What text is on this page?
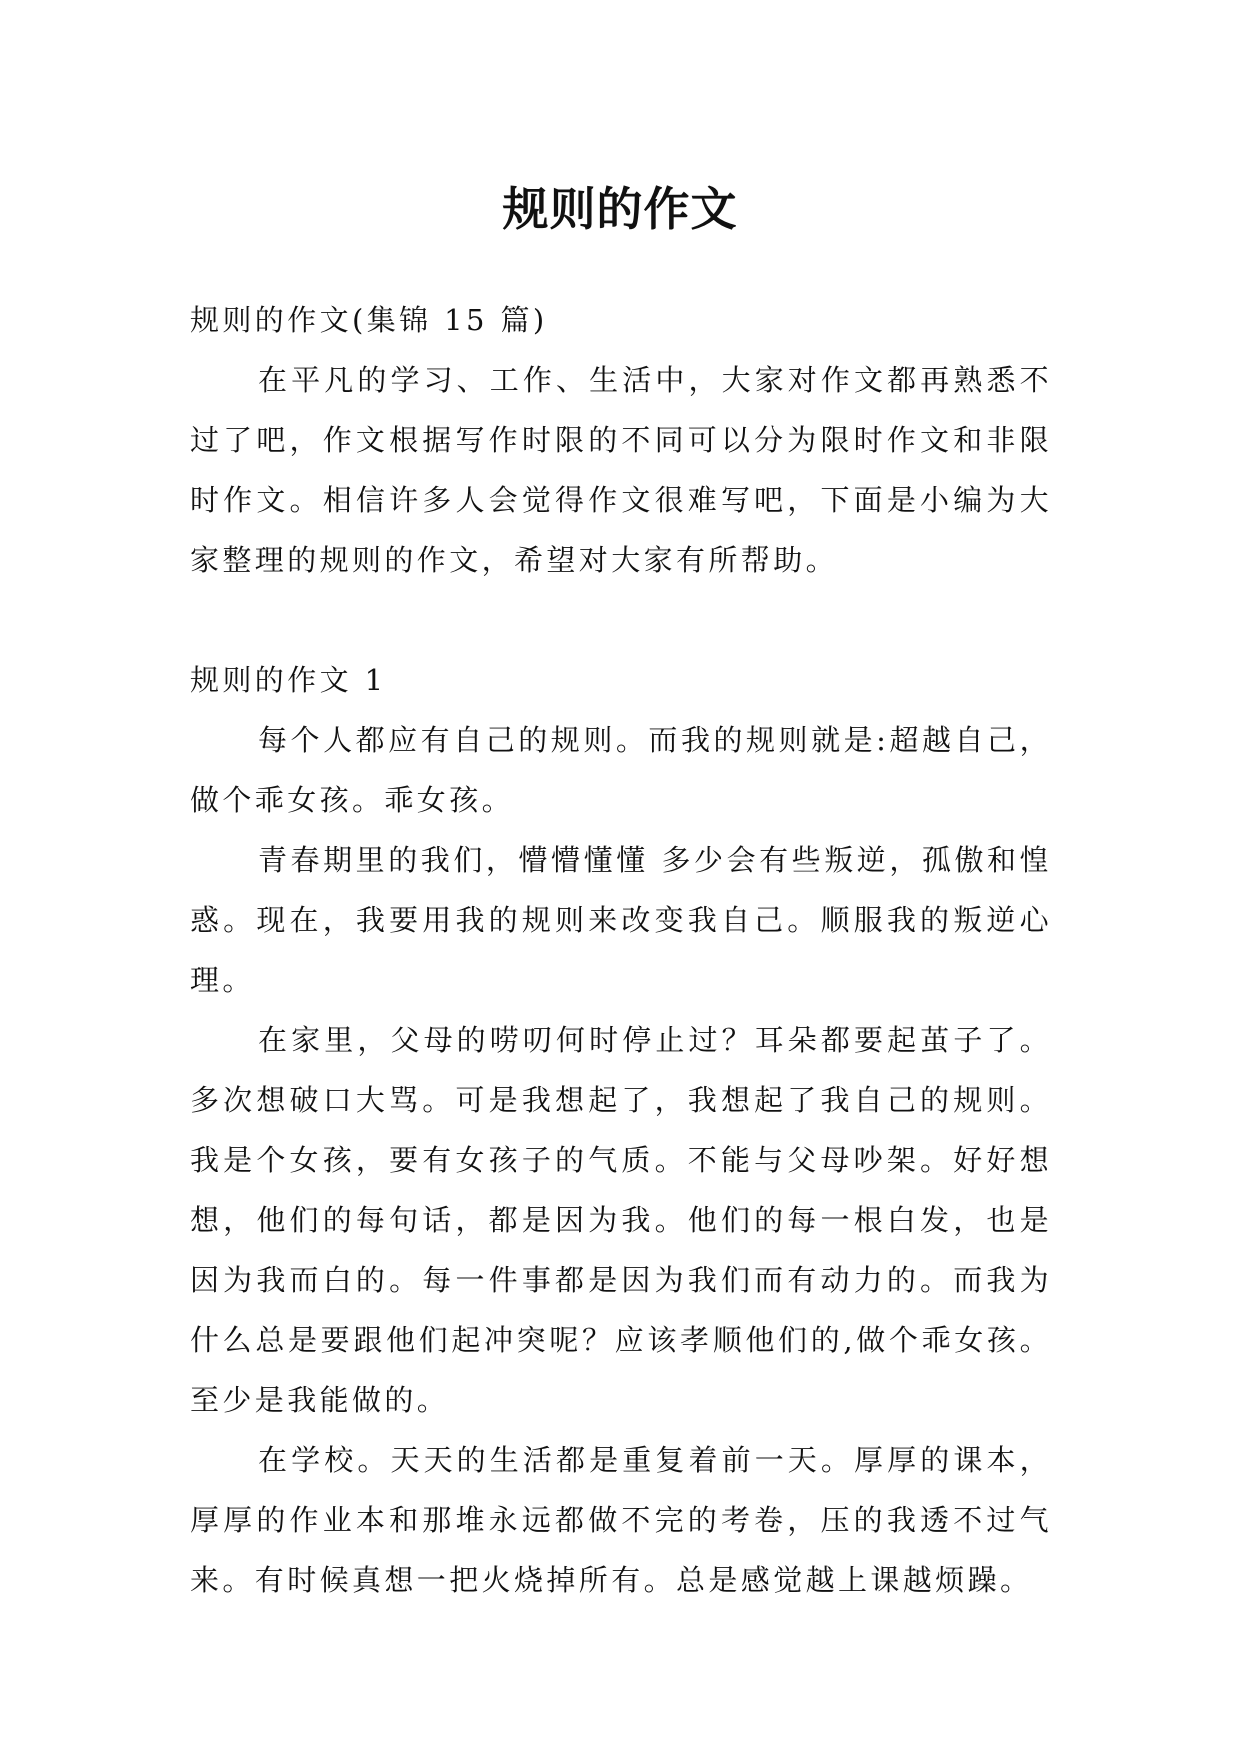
规则的作文

规则的作文(集锦 15 篇)

在平凡的学习、工作、生活中，大家对作文都再熟悉不过了吧，作文根据写作时限的不同可以分为限时作文和非限时作文。相信许多人会觉得作文很难写吧，下面是小编为大家整理的规则的作文，希望对大家有所帮助。

规则的作文 1

每个人都应有自己的规则。而我的规则就是:超越自己，做个乖女孩。乖女孩。

青春期里的我们，懵懵懂懂 多少会有些叛逆，孤傲和惶惑。现在，我要用我的规则来改变我自己。顺服我的叛逆心理。

在家里，父母的唠叨何时停止过？耳朵都要起茧子了。多次想破口大骂。可是我想起了，我想起了我自己的规则。我是个女孩，要有女孩子的气质。不能与父母吵架。好好想想，他们的每句话，都是因为我。他们的每一根白发，也是因为我而白的。每一件事都是因为我们而有动力的。而我为什么总是要跟他们起冲突呢？应该孝顺他们的,做个乖女孩。至少是我能做的。

在学校。天天的生活都是重复着前一天。厚厚的课本，厚厚的作业本和那堆永远都做不完的考卷，压的我透不过气来。有时候真想一把火烧掉所有。总是感觉越上课越烦躁。
